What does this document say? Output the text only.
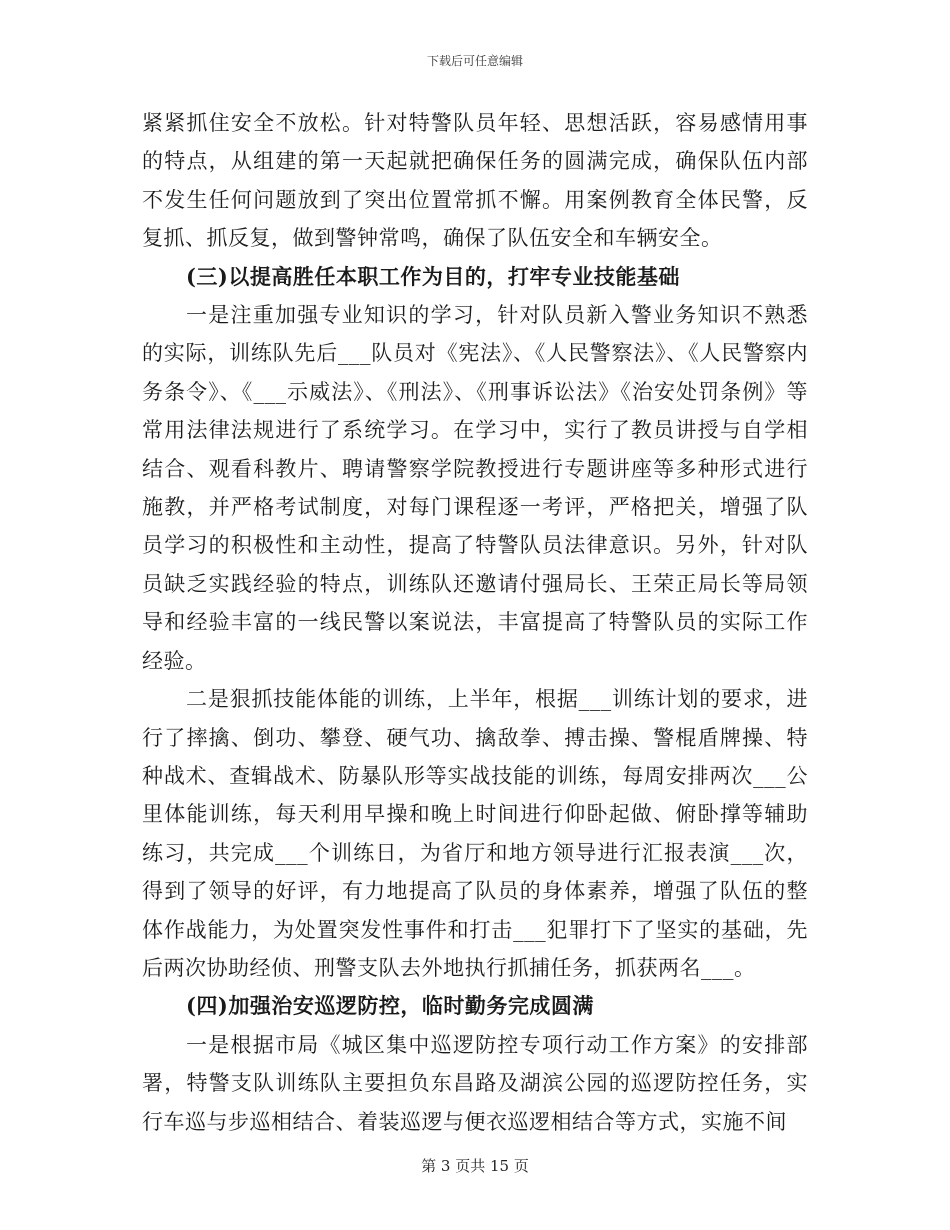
下载后可任意编辑

紧紧抓住安全不放松。针对特警队员年轻、思想活跃，容易感情用事的特点，从组建的第一天起就把确保任务的圆满完成，确保队伍内部不发生任何问题放到了突出位置常抓不懈。用案例教育全体民警，反复抓、抓反复，做到警钟常鸣，确保了队伍安全和车辆安全。

(三)以提高胜任本职工作为目的，打牢专业技能基础

一是注重加强专业知识的学习，针对队员新入警业务知识不熟悉的实际，训练队先后___队员对《宪法》、《人民警察法》、《人民警察内务条令》、《___示威法》、《刑法》、《刑事诉讼法》《治安处罚条例》等常用法律法规进行了系统学习。在学习中，实行了教员讲授与自学相结合、观看科教片、聘请警察学院教授进行专题讲座等多种形式进行施教，并严格考试制度，对每门课程逐一考评，严格把关，增强了队员学习的积极性和主动性，提高了特警队员法律意识。另外，针对队员缺乏实践经验的特点，训练队还邀请付强局长、王荣正局长等局领导和经验丰富的一线民警以案说法，丰富提高了特警队员的实际工作经验。

二是狠抓技能体能的训练，上半年，根据___训练计划的要求，进行了摔擒、倒功、攀登、硬气功、擒敌拳、搏击操、警棍盾牌操、特种战术、查辑战术、防暴队形等实战技能的训练，每周安排两次___公里体能训练，每天利用早操和晚上时间进行仰卧起做、俯卧撑等辅助练习，共完成___个训练日，为省厅和地方领导进行汇报表演___次，得到了领导的好评，有力地提高了队员的身体素养，增强了队伍的整体作战能力，为处置突发性事件和打击___犯罪打下了坚实的基础，先后两次协助经侦、刑警支队去外地执行抓捕任务，抓获两名___。

(四)加强治安巡逻防控，临时勤务完成圆满

一是根据市局《城区集中巡逻防控专项行动工作方案》的安排部署，特警支队训练队主要担负东昌路及湖滨公园的巡逻防控任务，实行车巡与步巡相结合、着装巡逻与便衣巡逻相结合等方式，实施不间

第 3 页共 15 页
